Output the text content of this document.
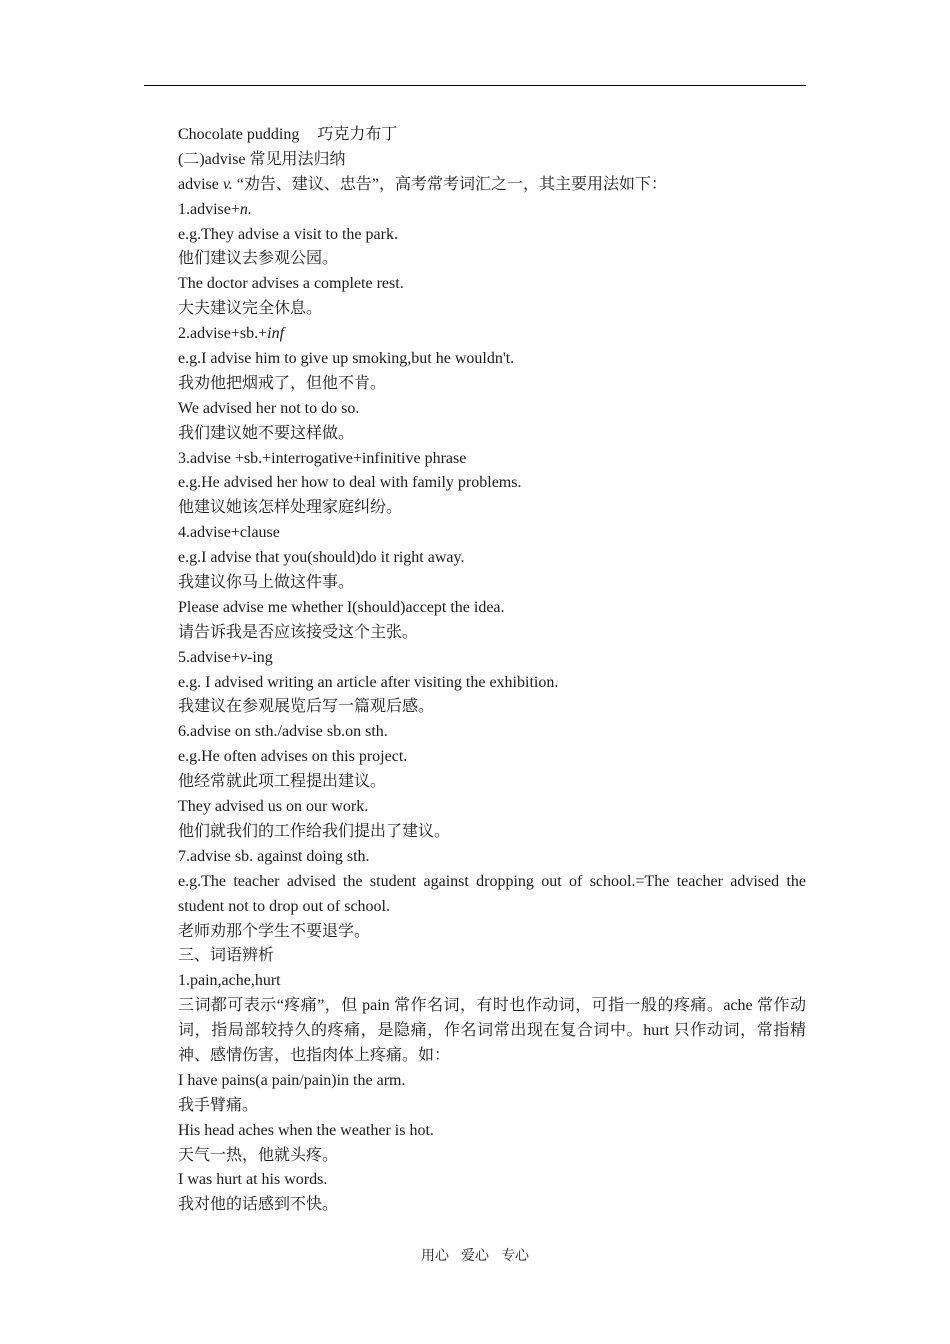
Chocolate pudding 巧克力布丁
(二)advise 常见用法归纳
advise v. “劝告、建议、忠告”，高考常考词汇之一，其主要用法如下：
1.advise+n.
e.g.They advise a visit to the park.
他们建议去参观公园。
The doctor advises a complete rest.
大夫建议完全休息。
2.advise+sb.+inf
e.g.I advise him to give up smoking,but he wouldn't.
我劝他把烟戒了，但他不肯。
We advised her not to do so.
我们建议她不要这样做。
3.advise +sb.+interrogative+infinitive phrase
e.g.He advised her how to deal with family problems.
他建议她该怎样处理家庭纠纷。
4.advise+clause
e.g.I advise that you(should)do it right away.
我建议你马上做这件事。
Please advise me whether I(should)accept the idea.
请告诉我是否应该接受这个主张。
5.advise+v-ing
e.g. I advised writing an article after visiting the exhibition.
我建议在参观展览后写一篇观后感。
6.advise on sth./advise sb.on sth.
e.g.He often advises on this project.
他经常就此项工程提出建议。
They advised us on our work.
他们就我们的工作给我们提出了建议。
7.advise sb. against doing sth.
e.g.The teacher advised the student against dropping out of school.=The teacher advised the student not to drop out of school.
老师劝那个学生不要退学。
三、词语辨析
1.pain,ache,hurt
三词都可表示“疼痛”，但 pain 常作名词，有时也作动词，可指一般的疼痛。ache 常作动词，指局部较持久的疼痛，是隐痛，作名词常出现在复合词中。hurt 只作动词，常指精神、感情伤害，也指肉体上疼痛。如：
I have pains(a pain/pain)in the arm.
我手臂痛。
His head aches when the weather is hot.
天气一热，他就头疼。
I was hurt at his words.
我对他的话感到不快。
用心 爱心 专心
